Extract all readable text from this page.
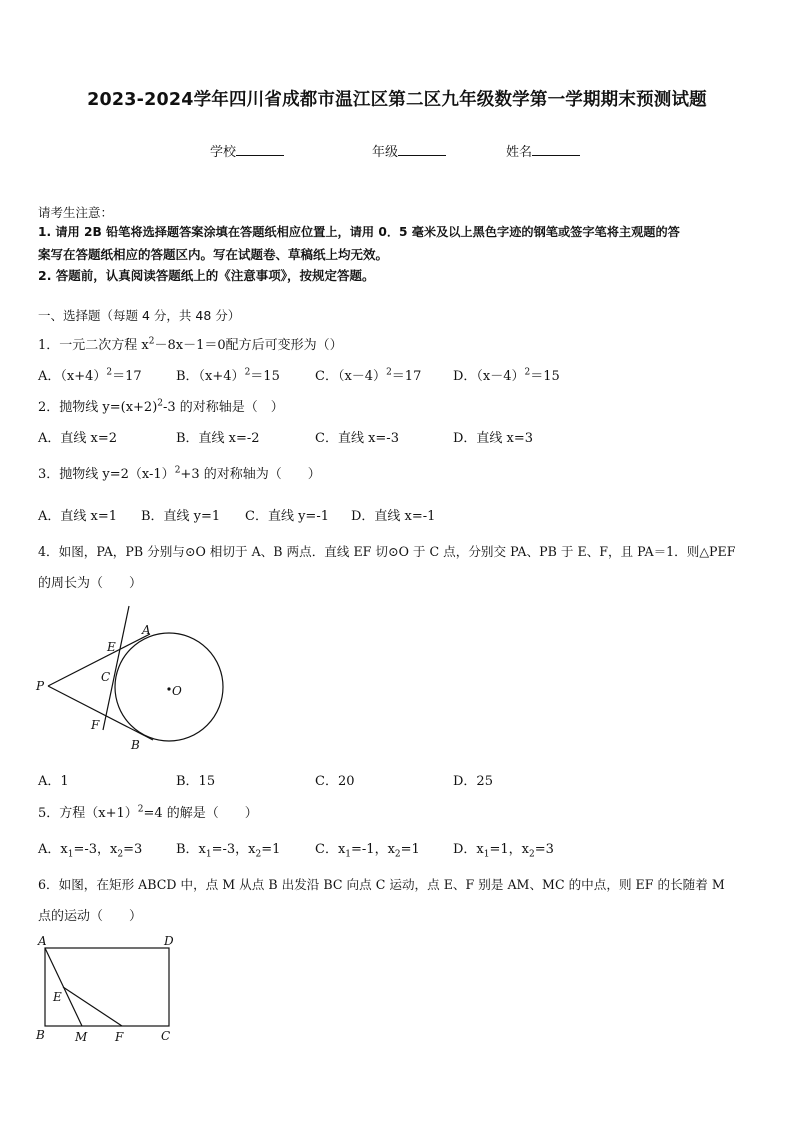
2023-2024学年四川省成都市温江区第二区九年级数学第一学期期末预测试题
学校	年级	姓名
请考生注意：
1. 请用 2B 铅笔将选择题答案涂填在答题纸相应位置上，请用 0．5 毫米及以上黑色字迹的钢笔或签字笔将主观题的答
案写在答题纸相应的答题区内。写在试题卷、草稿纸上均无效。
2. 答题前，认真阅读答题纸上的《注意事项》，按规定答题。
一、选择题（每题 4 分，共 48 分）
1．一元二次方程 $x^2-8x-1=0$配方后可变形为（）
A．$(x+4)^2=17$	B．$(x+4)^2=15$	C．$(x-4)^2=17$ D．$(x-4)^2=15$
2．抛物线 $y=(x+2)^2-3$ 的对称轴是（　）
A．直线 x=2	B．直线 x=-2	C．直线 x=-3	D．直线 x=3
3．抛物线 $y=2(x-1)^2+3$ 的对称轴为（　　）
A．直线 x=1 B．直线 y=1 C．直线 y=-1 D．直线 x=-1
4．如图，PA，PB 分别与⊙O 相切于 A、B 两点．直线 EF 切⊙O 于 C 点，分别交 PA、PB 于 E、F，且 PA＝1．则△PEF
的周长为（　　）
A
E
C
P	O
F
B
A．1	B．15	C．20	D．25
5．方程$(x+1)^2=4$ 的解是（　　）
A．$x_1=-3$，$x_2=3$	B．$x_1=-3$，$x_2=1$	C．$x_1=-1$，$x_2=1$	D．$x_1=1$，$x_2=3$
6．如图，在矩形 ABCD 中，点 M 从点 B 出发沿 BC 向点 C 运动，点 E、F 别是 AM、MC 的中点，则 EF 的长随着 M
点的运动（　　）
A	D
E
B	M F	C
